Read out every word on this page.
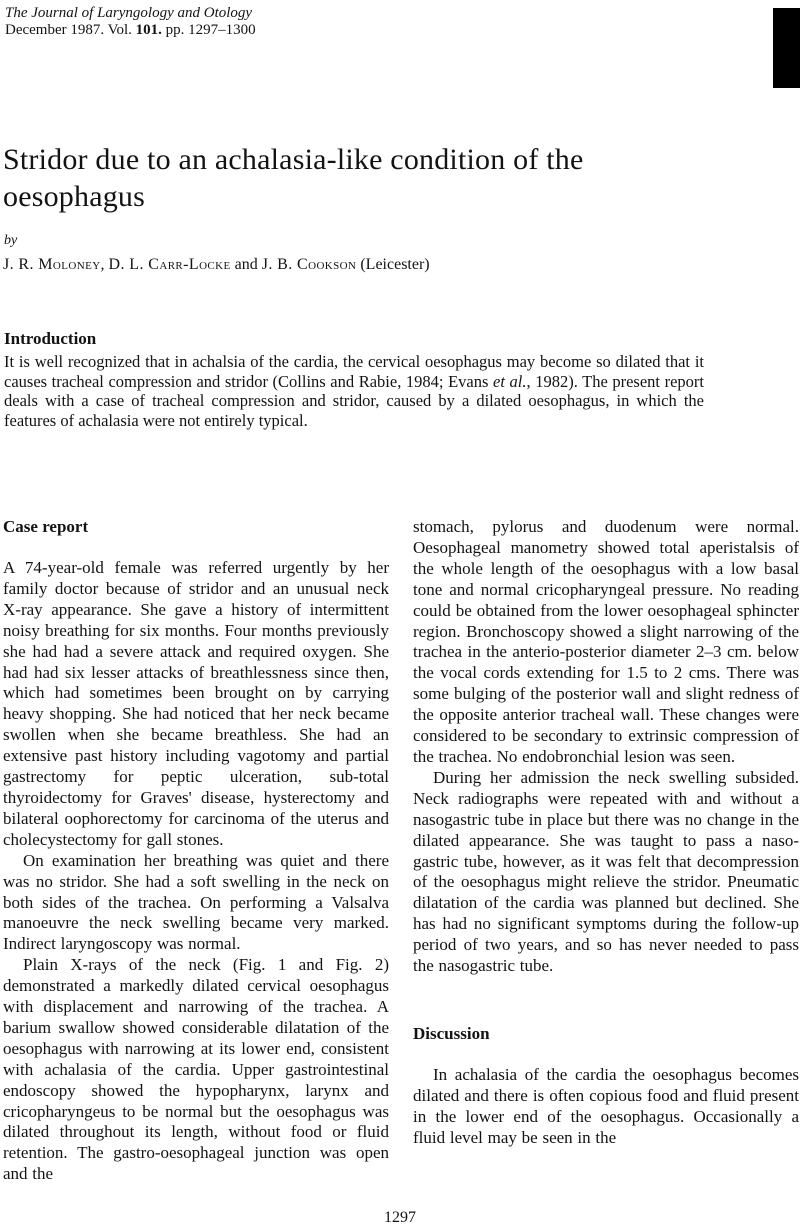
The Journal of Laryngology and Otology
December 1987. Vol. 101. pp. 1297–1300
Stridor due to an achalasia-like condition of the oesophagus
by
J. R. Moloney, D. L. Carr-Locke and J. B. Cookson (Leicester)
Introduction

It is well recognized that in achalsia of the cardia, the cervical oesophagus may become so dilated that it causes tracheal compression and stridor (Collins and Rabie, 1984; Evans et al., 1982). The present report deals with a case of tracheal compression and stridor, caused by a dilated oesophagus, in which the features of achalasia were not entirely typical.

Case report

A 74-year-old female was referred urgently by her family doctor because of stridor and an unusual neck X-ray appearance. She gave a history of intermittent noisy breathing for six months. Four months previously she had had a severe attack and required oxygen. She had had six lesser attacks of breathlessness since then, which had sometimes been brought on by carrying heavy shopping. She had noticed that her neck became swollen when she became breathless. She had an extensive past history including vagotomy and partial gastrectomy for peptic ulceration, sub-total thyroidectomy for Graves' disease, hysterectomy and bilateral oophorectomy for carcinoma of the uterus and cholecystectomy for gall stones.

On examination her breathing was quiet and there was no stridor. She had a soft swelling in the neck on both sides of the trachea. On performing a Valsalva manoeuvre the neck swelling became very marked. Indirect laryngoscopy was normal.

Plain X-rays of the neck (Fig. 1 and Fig. 2) demonstrated a markedly dilated cervical oesophagus with displacement and narrowing of the trachea. A barium swallow showed considerable dilatation of the oesophagus with narrowing at its lower end, consistent with achalasia of the cardia. Upper gastrointestinal endoscopy showed the hypopharynx, larynx and cricopharyngeus to be normal but the oesophagus was dilated throughout its length, without food or fluid retention. The gastro-oesophageal junction was open and the

stomach, pylorus and duodenum were normal. Oesophageal manometry showed total aperistalsis of the whole length of the oesophagus with a low basal tone and normal cricopharyngeal pressure. No reading could be obtained from the lower oesophageal sphincter region. Bronchoscopy showed a slight narrowing of the trachea in the anterio-posterior diameter 2–3 cm. below the vocal cords extending for 1.5 to 2 cms. There was some bulging of the posterior wall and slight redness of the opposite anterior tracheal wall. These changes were considered to be secondary to extrinsic compression of the trachea. No endobronchial lesion was seen.

During her admission the neck swelling subsided. Neck radiographs were repeated with and without a nasogastric tube in place but there was no change in the dilated appearance. She was taught to pass a naso-gastric tube, however, as it was felt that decompression of the oesophagus might relieve the stridor. Pneumatic dilatation of the cardia was planned but declined. She has had no significant symptoms during the follow-up period of two years, and so has never needed to pass the nasogastric tube.

Discussion

In achalasia of the cardia the oesophagus becomes dilated and there is often copious food and fluid present in the lower end of the oesophagus. Occasionally a fluid level may be seen in the

1297
